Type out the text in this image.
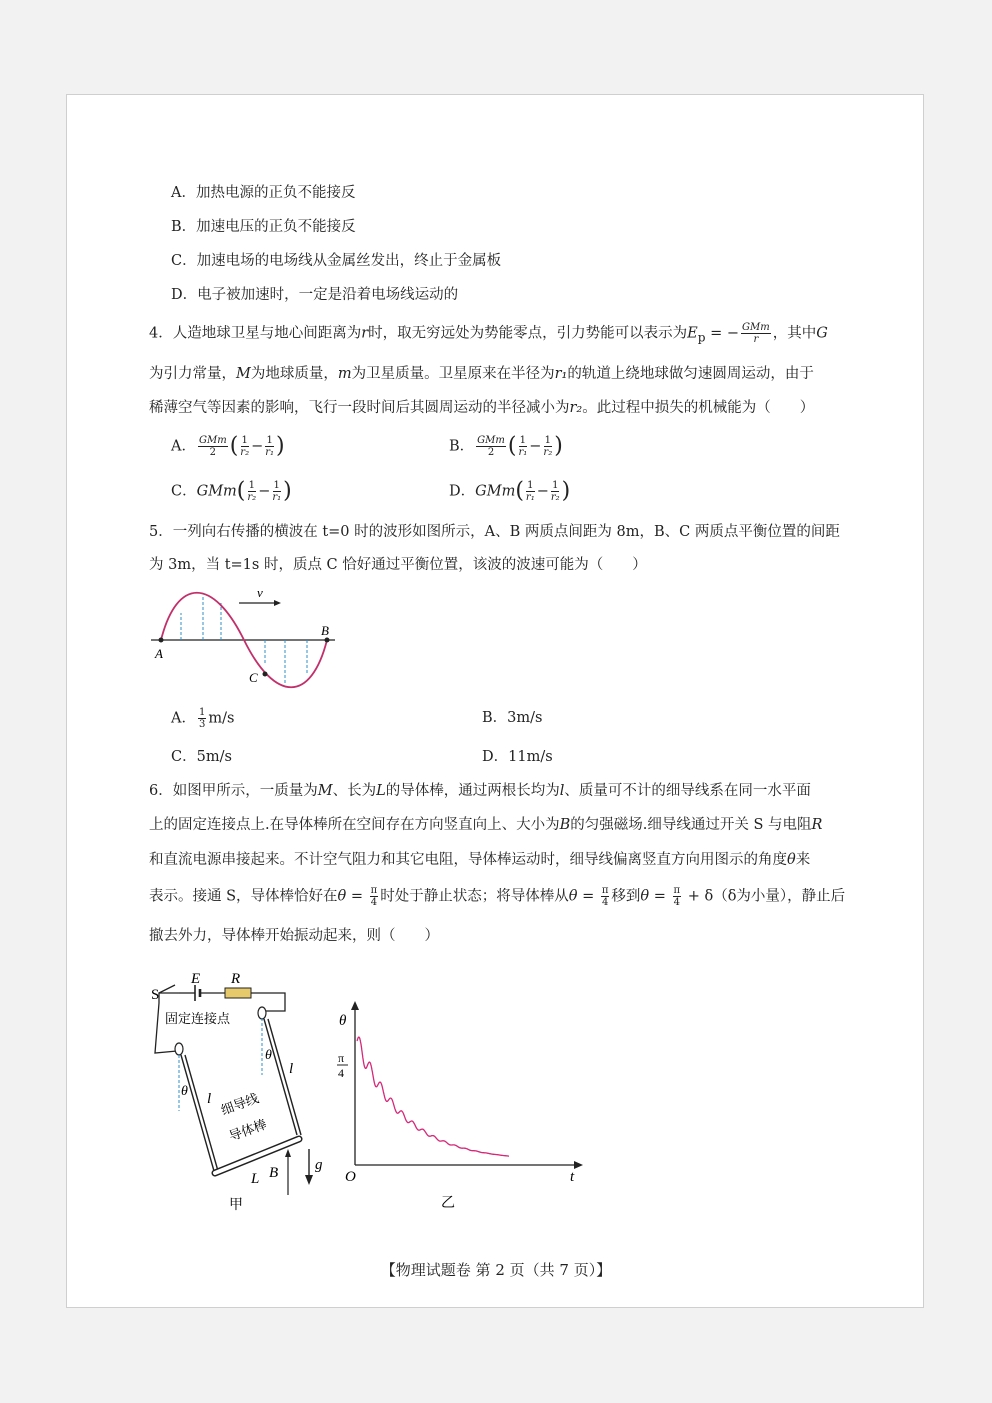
A．加热电源的正负不能接反
B．加速电压的正负不能接反
C．加速电场的电场线从金属丝发出，终止于金属板
D．电子被加速时，一定是沿着电场线运动的
4．人造地球卫星与地心间距离为r时，取无穷远处为势能零点，引力势能可以表示为$E_p$ = − $\frac{\text{GMm}}{r}$ ，其中G
为引力常量，M为地球质量，m为卫星质量。卫星原来在半径为r₁的轨道上绕地球做匀速圆周运动，由于
稀薄空气等因素的影响，飞行一段时间后其圆周运动的半径减小为r₂。此过程中损失的机械能为（　　）
A． $\frac{\text{GMm}}{2}$ ( $\frac{1}{\text{r₂}} - \frac{1}{\text{r₁}}$ )	B． $\frac{\text{GMm}}{2}$ ( $\frac{1}{\text{r₁}} - \frac{1}{\text{r₂}}$ )
C．$GMm( \frac{1}{\text{r₂}} - \frac{1}{\text{r₁}}$ )	D．$GMm( \frac{1}{\text{r₁}} - \frac{1}{\text{r₂}}$ )
5．一列向右传播的横波在 t=0 时的波形如图所示，A、B 两质点间距为 8m，B、C 两质点平衡位置的间距
为 3m，当 t=1s 时，质点 C 恰好通过平衡位置，该波的波速可能为（　　）
v
A
B
C
A． $\frac{1}{3} m/s$	B．3m/s
C．5m/s	D．11m/s
6．如图甲所示，一质量为M、长为L的导体棒，通过两根长均为l、质量可不计的细导线系在同一水平面
上的固定连接点上.在导体棒所在空间存在方向竖直向上、大小为B的匀强磁场.细导线通过开关 S 与电阻R
和直流电源串接起来。不计空气阻力和其它电阻，导体棒运动时，细导线偏离竖直方向用图示的角度θ来
表示。接通 S，导体棒恰好在$\theta = \frac{\pi}{4}$ 时处于静止状态；将导体棒从$\theta = \frac{\pi}{4}$ 移到$\theta = \frac{\pi}{4} + \delta(\delta$为小量），静止后
撤去外力，导体棒开始振动起来，则（　　）
S
E R
固定连接点
θ
θ
l
l 细导线
导体棒
L B g
甲
θ
π
4
O	t
乙
【物理试题卷 第 2 页（共 7 页）】
